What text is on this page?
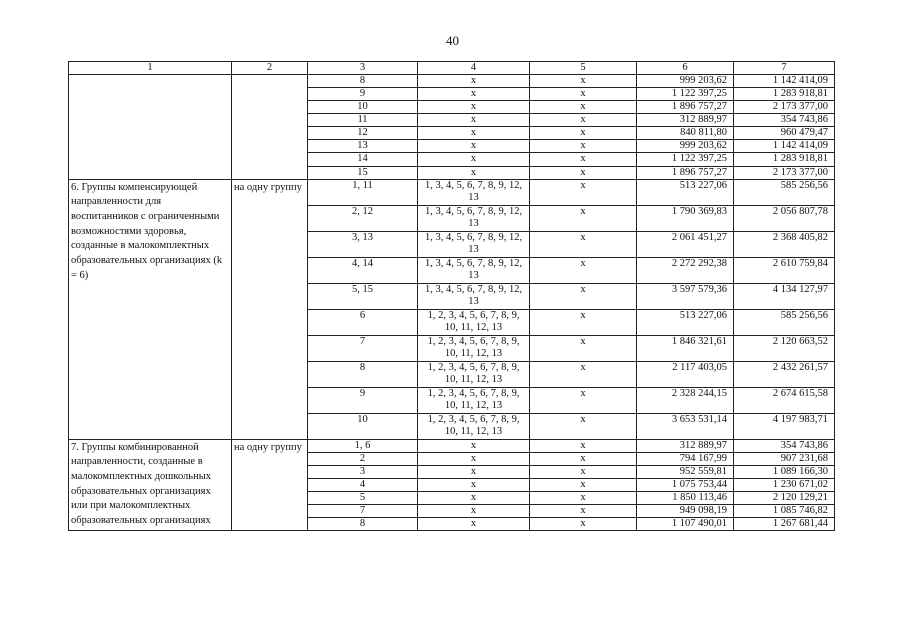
40
1	2	3	4	5	6	7
		8	х	х	999 203,62	1 142 414,09
		9	х	х	1 122 397,25	1 283 918,81
		10	х	х	1 896 757,27	2 173 377,00
		11	х	х	312 889,97	354 743,86
		12	х	х	840 811,80	960 479,47
		13	х	х	999 203,62	1 142 414,09
		14	х	х	1 122 397,25	1 283 918,81
		15	х	х	1 896 757,27	2 173 377,00
6. Группы компенсирующей направленности для воспитанников с ограниченными возможностями здоровья, созданные в малокомплектных образовательных организациях (k = 6)	на одну группу	1, 11	1, 3, 4, 5, 6, 7, 8, 9, 12, 13	х	513 227,06	585 256,56
		2, 12	1, 3, 4, 5, 6, 7, 8, 9, 12, 13	х	1 790 369,83	2 056 807,78
		3, 13	1, 3, 4, 5, 6, 7, 8, 9, 12, 13	х	2 061 451,27	2 368 405,82
		4, 14	1, 3, 4, 5, 6, 7, 8, 9, 12, 13	х	2 272 292,38	2 610 759,84
		5, 15	1, 3, 4, 5, 6, 7, 8, 9, 12, 13	х	3 597 579,36	4 134 127,97
		6	1, 2, 3, 4, 5, 6, 7, 8, 9, 10, 11, 12, 13	х	513 227,06	585 256,56
		7	1, 2, 3, 4, 5, 6, 7, 8, 9, 10, 11, 12, 13	х	1 846 321,61	2 120 663,52
		8	1, 2, 3, 4, 5, 6, 7, 8, 9, 10, 11, 12, 13	х	2 117 403,05	2 432 261,57
		9	1, 2, 3, 4, 5, 6, 7, 8, 9, 10, 11, 12, 13	х	2 328 244,15	2 674 615,58
		10	1, 2, 3, 4, 5, 6, 7, 8, 9, 10, 11, 12, 13	х	3 653 531,14	4 197 983,71
7. Группы комбинированной направленности, созданные в малокомплектных дошкольных образовательных организациях или при малокомплектных образовательных организациях	на одну группу	1, 6	х	х	312 889,97	354 743,86
		2	х	х	794 167,99	907 231,68
		3	х	х	952 559,81	1 089 166,30
		4	х	х	1 075 753,44	1 230 671,02
		5	х	х	1 850 113,46	2 120 129,21
		7	х	х	949 098,19	1 085 746,82
		8	х	х	1 107 490,01	1 267 681,44
